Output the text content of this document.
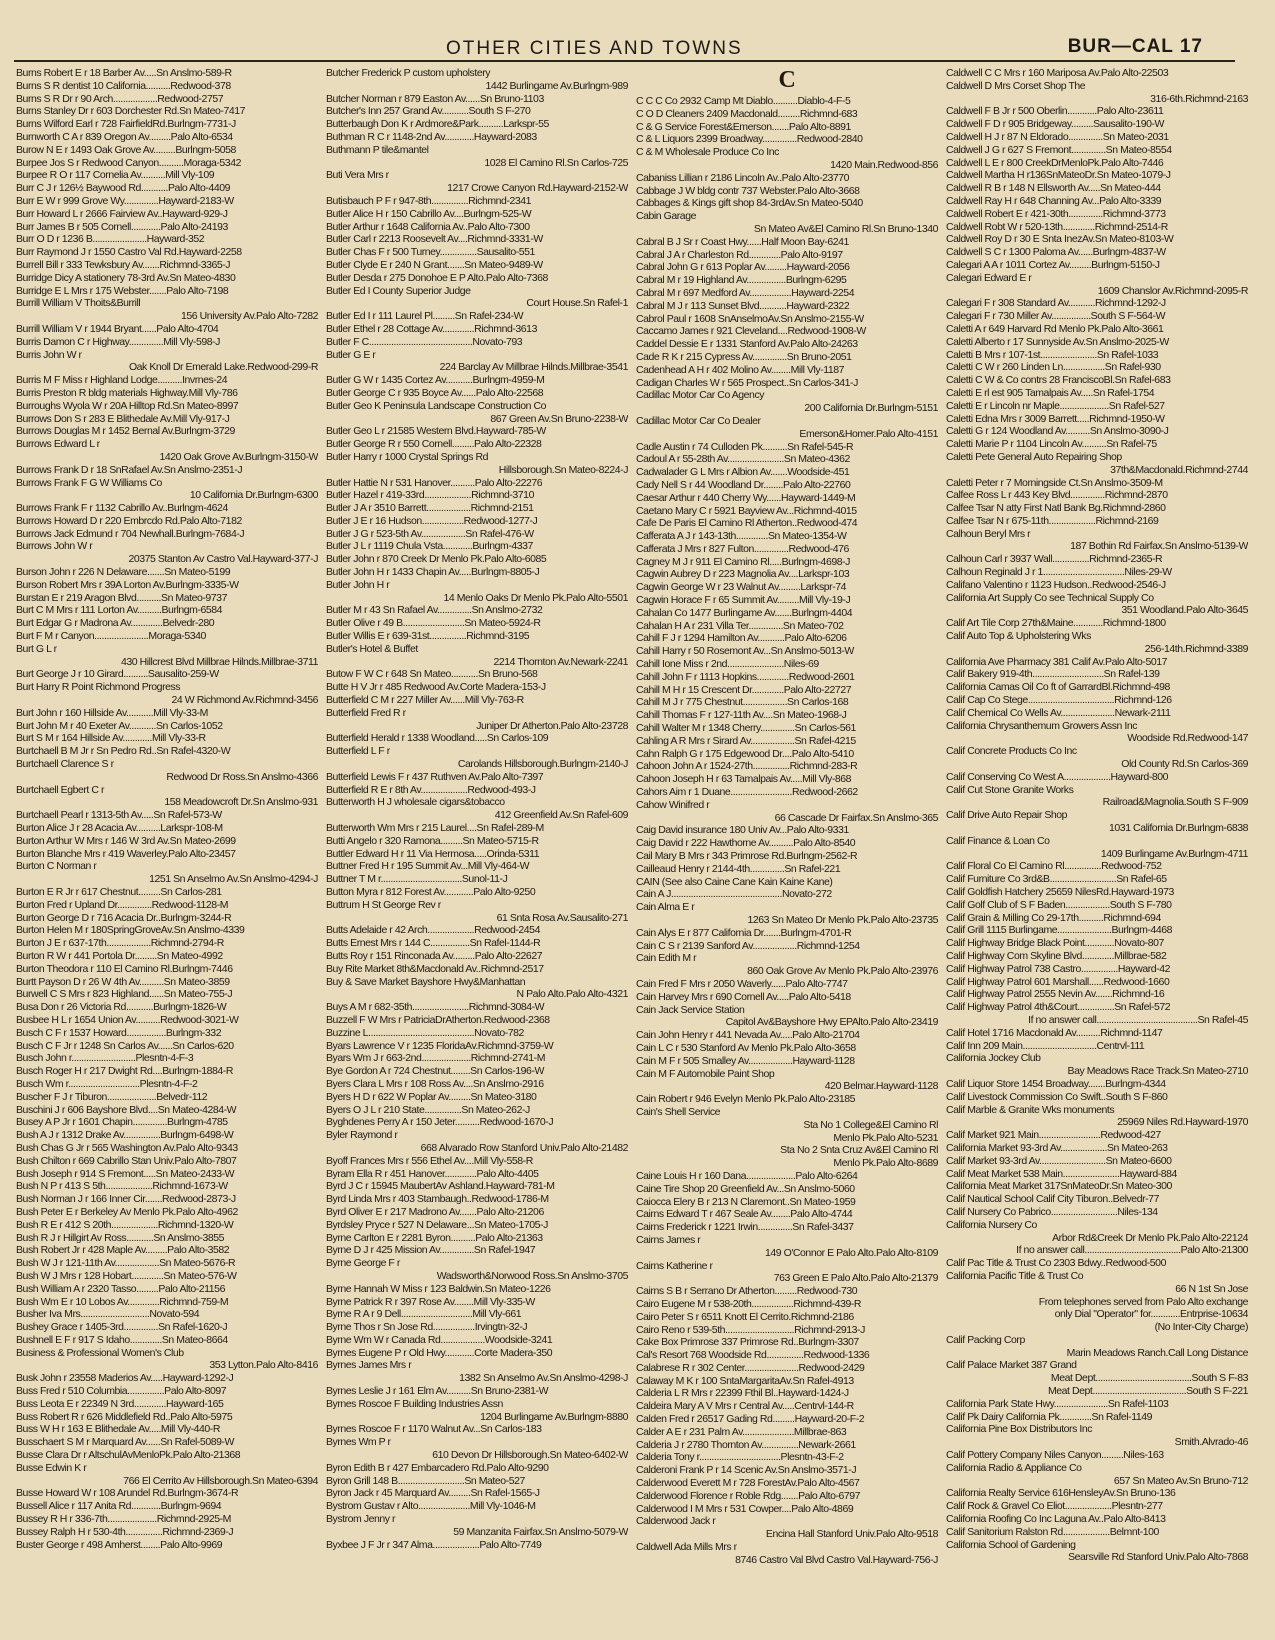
OTHER CITIES AND TOWNS	BUR—CAL 17
Burns Robert E r 18 Barber Av.....Sn Anslmo-589-R
Burns S R dentist 10 California..........Redwood-378
Burns S R Dr r 90 Arch..................Redwood-2757
Burns Stanley Dr r 603 Dorchester Rd.Sn Mateo-7417
Burns Wilford Earl r 728 FairfieldRd.Burlngm-7731-J
Burnworth C A r 839 Oregon Av.........Palo Alto-6534
Burow N E r 1493 Oak Grove Av.........Burlngm-5058
Burpee Jos S r Redwood Canyon..........Moraga-5342
Burpee R O r 117 Cornelia Av..........Mill Vly-109
Burr C J r 126½ Baywood Rd...........Palo Alto-4409
Burr E W r 999 Grove Wy..............Hayward-2183-W
Burr Howard L r 2666 Fairview Av..Hayward-929-J
Burr James B r 505 Cornell............Palo Alto-24193
Burr O D r 1236 B......................Hayward-352
Burr Raymond J r 1550 Castro Val Rd.Hayward-2258
Burrell Bill r 333 Tewksbury Av.......Richmnd-3365-J
Burridge Dicy A stationery 78-3rd Av.Sn Mateo-4830
Burridge E L Mrs r 175 Webster.......Palo Alto-7198
Burrill William V Thoits&Burrill
156 University Av.Palo Alto-7282
Burrill William V r 1944 Bryant......Palo Alto-4704
Burris Damon C r Highway..............Mill Vly-598-J
Burris John W r
Oak Knoll Dr Emerald Lake.Redwood-299-R
Burris M F Miss r Highland Lodge..........Invrnes-24
Burris Preston R bldg materials Highway.Mill Vly-786
Burroughs Wyola W r 20A Hilltop Rd.Sn Mateo-8997
Burrows Don S r 283 E Blithedale Av.Mill Vly-917-J
Burrows Douglas M r 1452 Bernal Av.Burlngm-3729
Burrows Edward L r
1420 Oak Grove Av.Burlngm-3150-W
Burrows Frank D r 18 SnRafael Av.Sn Anslmo-2351-J
Burrows Frank F G W Williams Co
10 California Dr.Burlngm-6300
Burrows Frank F r 1132 Cabrillo Av..Burlngm-4624
Burrows Howard D r 220 Embrcdo Rd.Palo Alto-7182
Burrows Jack Edmund r 704 Newhall.Burlngm-7684-J
Burrows John W r
20375 Stanton Av Castro Val.Hayward-377-J
Burson John r 226 N Delaware.......Sn Mateo-5199
Burson Robert Mrs r 39A Lorton Av.Burlngm-3335-W
Burstan E r 219 Aragon Blvd..........Sn Mateo-9737
Burt C M Mrs r 111 Lorton Av..........Burlngm-6584
Burt Edgar G r Madrona Av.............Belvedr-280
Burt F M r Canyon......................Moraga-5340
Burt G L r
430 Hillcrest Blvd Millbrae Hilnds.Millbrae-3711
Burt George J r 10 Girard..........Sausalito-259-W
Burt Harry R Point Richmond Progress
24 W Richmond Av.Richmnd-3456
Burt John r 160 Hillside Av...........Mill Vly-33-M
Burt John M r 40 Exeter Av...........Sn Carlos-1052
Burt S M r 164 Hillside Av............Mill Vly-33-R
Burtchaell B M Jr r Sn Pedro Rd..Sn Rafel-4320-W
Burtchaell Clarence S r
Redwood Dr Ross.Sn Anslmo-4366
Burtchaell Egbert C r
158 Meadowcroft Dr.Sn Anslmo-931
Burtchaell Pearl r 1313-5th Av.....Sn Rafel-573-W
Burton Alice J r 28 Acacia Av..........Larkspr-108-M
Burton Arthur W Mrs r 146 W 3rd Av.Sn Mateo-2699
Burton Blanche Mrs r 419 Waverley.Palo Alto-23457
Burton C Norman r
1251 Sn Anselmo Av.Sn Anslmo-4294-J
Burton E R Jr r 617 Chestnut.........Sn Carlos-281
Burton Fred r Upland Dr..............Redwood-1128-M
Burton George D r 716 Acacia Dr..Burlngm-3244-R
Burton Helen M r 180SpringGroveAv.Sn Anslmo-4339
Burton J E r 637-17th..................Richmnd-2794-R
Burton R W r 441 Portola Dr.........Sn Mateo-4992
Burton Theodora r 110 El Camino Rl.Burlngm-7446
Burtt Payson D r 26 W 4th Av..........Sn Mateo-3859
Burwell C S Mrs r 823 Highland......Sn Mateo-755-J
Busa Don r 26 Victoria Rd...........Burlngm-1826-W
Busbee H L r 1654 Union Av..........Redwood-3021-W
Busch C F r 1537 Howard................Burlngm-332
Busch C F Jr r 1248 Sn Carlos Av......Sn Carlos-620
Busch John r..........................Plesntn-4-F-3
Busch Roger H r 217 Dwight Rd....Burlngm-1884-R
Busch Wm r.............................Plesntn-4-F-2
Buscher F J r Tiburon....................Belvedr-112
Buschini J r 606 Bayshore Blvd....Sn Mateo-4284-W
Busey A P Jr r 1601 Chapin..............Burlngm-4785
Bush A J r 1312 Drake Av...............Burlngm-6498-W
Bush Chas G Jr r 565 Washington Av.Palo Alto-9343
Bush Chilton r 669 Cabrillo Stan Univ.Palo Alto-7807
Bush Joseph r 914 S Fremont.....Sn Mateo-2433-W
Bush N P r 413 S 5th...................Richmnd-1673-W
Bush Norman J r 166 Inner Cir.......Redwood-2873-J
Bush Peter E r Berkeley Av Menlo Pk.Palo Alto-4962
Bush R E r 412 S 20th...................Richmnd-1320-W
Bush R J r Hillgirt Av Ross...........Sn Anslmo-3855
Bush Robert Jr r 428 Maple Av.........Palo Alto-3582
Bush W J r 121-11th Av..................Sn Mateo-5676-R
Bush W J Mrs r 128 Hobart.............Sn Mateo-576-W
Bush William A r 2320 Tasso.........Palo Alto-21156
Bush Wm E r 10 Lobos Av.............Richmnd-759-M
Busher Iva Mrs............................Novato-594
Bushey Grace r 1405-3rd..............Sn Rafel-1620-J
Bushnell E F r 917 S Idaho.............Sn Mateo-8664
Business & Professional Women's Club
353 Lytton.Palo Alto-8416
Busk John r 23558 Maderios Av.....Hayward-1292-J
Buss Fred r 510 Columbia...............Palo Alto-8097
Buss Leota E r 22349 N 3rd.............Hayward-165
Buss Robert R r 626 Middlefield Rd..Palo Alto-5975
Buss W H r 163 E Blithedale Av.....Mill Vly-440-R
Busschaert S M r Marquard Av......Sn Rafel-5089-W
Busse Clara Dr r AltschulAvMenloPk.Palo Alto-21368
Busse Edwin K r
766 El Cerrito Av Hillsborough.Sn Mateo-6394
Busse Howard W r 108 Arundel Rd.Burlngm-3674-R
Bussell Alice r 117 Anita Rd............Burlngm-9694
Bussey R H r 336-7th....................Richmnd-2925-M
Bussey Ralph H r 530-4th...............Richmnd-2369-J
Buster George r 498 Amherst........Palo Alto-9969
Butcher Frederick P custom upholstery
1442 Burlingame Av.Burlngm-989
Butcher Norman r 879 Easton Av......Sn Bruno-1103
Butcher's Inn 257 Grand Av...........South S F-270
Butterbaugh Don K r Ardmore&Park..........Larkspr-55
Buthman R C r 1148-2nd Av............Hayward-2083
Buthmann P tile&mantel
1028 El Camino Rl.Sn Carlos-725
Buti Vera Mrs r
1217 Crowe Canyon Rd.Hayward-2152-W
Butisbauch P F r 947-8th...............Richmnd-2341
Butler Alice H r 150 Cabrillo Av....Burlngm-525-W
Butler Arthur r 1648 California Av..Palo Alto-7300
Butler Carl r 2213 Roosevelt Av....Richmnd-3331-W
Butler Chas F r 500 Turney...............Sausalito-551
Butler Clyde E r 240 N Grant.......Sn Mateo-9489-W
Butler Desda r 275 Donohoe E P Alto.Palo Alto-7368
Butler Ed I County Superior Judge
Court House.Sn Rafel-1
Butler Ed I r 111 Laurel Pl.........Sn Rafel-234-W
Butler Ethel r 28 Cottage Av.............Richmnd-3613
Butler F C..........................................Novato-793
Butler G E r
224 Barclay Av Millbrae Hilnds.Millbrae-3541
Butler G W r 1435 Cortez Av...........Burlngm-4959-M
Butler George C r 935 Boyce Av......Palo Alto-22568
Butler Geo K Peninsula Landscape Construction Co
867 Green Av.Sn Bruno-2238-W
Butler Geo L r 21585 Western Blvd.Hayward-785-W
Butler George R r 550 Cornell.........Palo Alto-22328
Butler Harry r 1000 Crystal Springs Rd
Hillsborough.Sn Mateo-8224-J
Butler Hattie N r 531 Hanover..........Palo Alto-22276
Butler Hazel r 419-33rd...................Richmnd-3710
Butler J A r 3510 Barrett..................Richmnd-2151
Butler J E r 16 Hudson.................Redwood-1277-J
Butler J G r 523-5th Av..................Sn Rafel-476-W
Butler J L r 1119 Chula Vsta............Burlngm-4337
Butler John r 870 Creek Dr Menlo Pk.Palo Alto-6085
Butler John H r 1433 Chapin Av.....Burlngm-8805-J
Butler John H r
14 Menlo Oaks Dr Menlo Pk.Palo Alto-5501
Butler M r 43 Sn Rafael Av..............Sn Anslmo-2732
Butler Olive r 49 B.........................Sn Mateo-5924-R
Butler Willis E r 639-31st...............Richmnd-3195
Butler's Hotel & Buffet
2214 Thornton Av.Newark-2241
Butow F W C r 648 Sn Mateo...........Sn Bruno-568
Butte H V Jr r 485 Redwood Av.Corte Madera-153-J
Butterfield C M r 227 Miller Av......Mill Vly-763-R
Butterfield Fred R r
Juniper Dr Atherton.Palo Alto-23728
Butterfield Herald r 1338 Woodland.....Sn Carlos-109
Butterfield L F r
Carolands Hillsborough.Burlngm-2140-J
Butterfield Lewis F r 437 Ruthven Av.Palo Alto-7397
Butterfield R E r 8th Av...................Redwood-493-J
Butterworth H J wholesale cigars&tobacco
412 Greenfield Av.Sn Rafel-609
Butterworth Wm Mrs r 215 Laurel....Sn Rafel-289-M
Butti Angelo r 320 Ramona.........Sn Mateo-5715-R
Buttler Edward H r 11 Via Hermosa.....Orinda-5311
Buttner Fred H r 195 Summit Av...Mill Vly-464-W
Buttner T M r.................................Sunol-11-J
Button Myra r 812 Forest Av............Palo Alto-9250
Buttrum H St George Rev r
61 Snta Rosa Av.Sausalito-271
Butts Adelaide r 42 Arch...................Redwood-2454
Butts Ernest Mrs r 144 C................Sn Rafel-1144-R
Butts Roy r 151 Rinconada Av.........Palo Alto-22627
Buy Rite Market 8th&Macdonald Av..Richmnd-2517
Buy & Save Market Bayshore Hwy&Manhattan
N Palo Alto.Palo Alto-4321
Buys A M r 682-35th.......................Richmnd-3084-W
Buzzell F W Mrs r PatriciaDrAtherton.Redwood-2368
Buzzine L...........................................Novato-782
Byars Lawrence V r 1235 FloridaAv.Richmnd-3759-W
Byars Wm J r 663-2nd....................Richmnd-2741-M
Bye Gordon A r 724 Chestnut........Sn Carlos-196-W
Byers Clara L Mrs r 108 Ross Av....Sn Anslmo-2916
Byers H D r 622 W Poplar Av.........Sn Mateo-3180
Byers O J L r 210 State...............Sn Mateo-262-J
Byghdenes Perry A r 150 Jeter..........Redwood-1670-J
Byler Raymond r
668 Alvarado Row Stanford Univ.Palo Alto-21482
Byoff Frances Mrs r 556 Ethel Av....Mill Vly-558-R
Byram Ella R r 451 Hanover.............Palo Alto-4405
Byrd J C r 15945 MaubertAv Ashland.Hayward-781-M
Byrd Linda Mrs r 403 Stambaugh..Redwood-1786-M
Byrd Oliver E r 217 Madrono Av.......Palo Alto-21206
Byrdsley Pryce r 527 N Delaware...Sn Mateo-1705-J
Byrne Carlton E r 2281 Byron..........Palo Alto-21363
Byrne D J r 425 Mission Av..............Sn Rafel-1947
Byrne George F r
Wadsworth&Norwood Ross.Sn Anslmo-3705
Byrne Hannah W Miss r 123 Baldwin.Sn Mateo-1226
Byrne Patrick R r 397 Rose Av........Mill Vly-335-W
Byrne R A r 9 Dell.............................Mill Vly-661
Byrne Thos r Sn Jose Rd.................Irvingtn-32-J
Byrne Wm W r Canada Rd..................Woodside-3241
Byrnes Eugene P r Old Hwy............Corte Madera-350
Byrnes James Mrs r
1382 Sn Anselmo Av.Sn Anslmo-4298-J
Byrnes Leslie J r 161 Elm Av..........Sn Bruno-2381-W
Byrnes Roscoe F Building Industries Assn
1204 Burlingame Av.Burlngm-8880
Byrnes Roscoe F r 1170 Walnut Av...Sn Carlos-183
Byrnes Wm P r
610 Devon Dr Hillsborough.Sn Mateo-6402-W
Byron Edith B r 427 Embarcadero Rd.Palo Alto-9290
Byron Grill 148 B...........................Sn Mateo-527
Byron Jack r 45 Marquard Av.........Sn Rafel-1565-J
Bystrom Gustav r Alto.....................Mill Vly-1046-M
Bystrom Jenny r
59 Manzanita Fairfax.Sn Anslmo-5079-W
Byxbee J F Jr r 347 Alma...................Palo Alto-7749
C
C C C Co 2932 Camp Mt Diablo..........Diablo-4-F-5
C O D Cleaners 2409 Macdonald.........Richmnd-683
C & G Service Forest&Emerson.......Palo Alto-8891
C & L Liquors 2399 Broadway..............Redwood-2840
C & M Wholesale Produce Co Inc
1420 Main.Redwood-856
Cabaniss Lillian r 2186 Lincoln Av..Palo Alto-23770
Cabbage J W bldg contr 737 Webster.Palo Alto-3668
Cabbages & Kings gift shop 84-3rdAv.Sn Mateo-5040
Cabin Garage
Sn Mateo Av&El Camino Rl.Sn Bruno-1340
Cabral B J Sr r Coast Hwy......Half Moon Bay-6241
Cabral J A r Charleston Rd.............Palo Alto-9197
Cabral John G r 613 Poplar Av.........Hayward-2056
Cabral M r 19 Highland Av................Burlngm-6295
Cabral M r 697 Medford Av.................Hayward-2254
Cabral M J r 113 Sunset Blvd...........Hayward-2322
Cabrol Paul r 1608 SnAnselmoAv.Sn Anslmo-2155-W
Caccamo James r 921 Cleveland....Redwood-1908-W
Caddel Dessie E r 1331 Stanford Av.Palo Alto-24263
Cade R K r 215 Cypress Av..............Sn Bruno-2051
Cadenhead A H r 402 Molino Av........Mill Vly-1187
Cadigan Charles W r 565 Prospect..Sn Carlos-341-J
Cadillac Motor Car Co Agency
200 California Dr.Burlngm-5151
Cadillac Motor Car Co Dealer
Emerson&Homer.Palo Alto-4151
Cadle Austin r 74 Culloden Pk..........Sn Rafel-545-R
Cadoul A r 55-28th Av.......................Sn Mateo-4362
Cadwalader G L Mrs r Albion Av.......Woodside-451
Cady Nell S r 44 Woodland Dr........Palo Alto-22760
Caesar Arthur r 440 Cherry Wy......Hayward-1449-M
Caetano Mary C r 5921 Bayview Av...Richmnd-4015
Cafe De Paris El Camino Rl Atherton..Redwood-474
Cafferata A J r 143-13th.............Sn Mateo-1354-W
Cafferata J Mrs r 827 Fulton..............Redwood-476
Cagney M J r 911 El Camino Rl.....Burlngm-4698-J
Cagwin Aubrey D r 223 Magnolia Av....Larkspr-103
Cagwin George W r 23 Walnut Av.........Larkspr-74
Cagwin Horace F r 65 Summit Av.........Mill Vly-19-J
Cahalan Co 1477 Burlingame Av.......Burlngm-4404
Cahalan H A r 231 Villa Ter..............Sn Mateo-702
Cahill F J r 1294 Hamilton Av...........Palo Alto-6206
Cahill Harry r 50 Rosemont Av...Sn Anslmo-5013-W
Cahill Ione Miss r 2nd.......................Niles-69
Cahill John F r 1113 Hopkins.............Redwood-2601
Cahill M H r 15 Crescent Dr.............Palo Alto-22727
Cahill M J r 775 Chestnut..................Sn Carlos-168
Cahill Thomas F r 127-11th Av....Sn Mateo-1968-J
Cahill Walter M r 1348 Cherry..............Sn Carlos-561
Cahling A R Mrs r Sirard Av..................Sn Rafel-4215
Cahn Ralph G r 175 Edgewood Dr....Palo Alto-5410
Cahoon John A r 1524-27th...............Richmnd-283-R
Cahoon Joseph H r 63 Tamalpais Av.....Mill Vly-868
Cahors Aim r 1 Duane.........................Redwood-2662
Cahow Winifred r
66 Cascade Dr Fairfax.Sn Anslmo-365
Caig David insurance 180 Univ Av...Palo Alto-9331
Caig David r 222 Hawthorne Av..........Palo Alto-8540
Cail Mary B Mrs r 343 Primrose Rd.Burlngm-2562-R
Cailleaud Henry r 2144-4th..............Sn Rafel-221
CAIN (See also Caine Cane Kain Kaine Kane)
Cain A J.............................................Novato-272
Cain Alma E r
1263 Sn Mateo Dr Menlo Pk.Palo Alto-23735
Cain Alys E r 877 California Dr.......Burlngm-4701-R
Cain C S r 2139 Sanford Av..................Richmnd-1254
Cain Edith M r
860 Oak Grove Av Menlo Pk.Palo Alto-23976
Cain Fred F Mrs r 2050 Waverly......Palo Alto-7747
Cain Harvey Mrs r 690 Cornell Av.....Palo Alto-5418
Cain Jack Service Station
Capitol Av&Bayshore Hwy EPAlto.Palo Alto-23419
Cain John Henry r 441 Nevada Av.....Palo Alto-21704
Cain L C r 530 Stanford Av Menlo Pk.Palo Alto-3658
Cain M F r 505 Smalley Av..................Hayward-1128
Cain M F Automobile Paint Shop
420 Belmar.Hayward-1128
Cain Robert r 946 Evelyn Menlo Pk.Palo Alto-23185
Cain's Shell Service
Sta No 1 College&El Camino Rl
Menlo Pk.Palo Alto-5231
Sta No 2 Snta Cruz Av&El Camino Rl
Menlo Pk.Palo Alto-8689
Caine Louis H r 160 Dana....................Palo Alto-6264
Caine Tire Shop 20 Greenfield Av...Sn Anslmo-5060
Caiocca Elery B r 213 N Claremont..Sn Mateo-1959
Cairns Edward T r 467 Seale Av........Palo Alto-4744
Cairns Frederick r 1221 Irwin..............Sn Rafel-3437
Cairns James r
149 O'Connor E Palo Alto.Palo Alto-8109
Cairns Katherine r
763 Green E Palo Alto.Palo Alto-21379
Cairns S B r Serrano Dr Atherton.........Redwood-730
Cairo Eugene M r 538-20th.................Richmnd-439-R
Cairo Peter S r 6511 Knott El Cerrito.Richmnd-2186
Cairo Reno r 539-5th............................Richmnd-2913-J
Cake Box Primrose 337 Primrose Rd..Burlngm-3307
Cal's Resort 768 Woodside Rd...............Redwood-1336
Calabrese R r 302 Center......................Redwood-2429
Calaway M K r 100 SntaMargaritaAv.Sn Rafel-4913
Calderia L R Mrs r 22399 Fthil Bl..Hayward-1424-J
Caldeira Mary A V Mrs r Central Av.....Centrvl-144-R
Calden Fred r 26517 Gading Rd.........Hayward-20-F-2
Calder A E r 231 Palm Av.....................Millbrae-863
Calderia J r 2780 Thornton Av...............Newark-2661
Calderia Tony r.................................Plesntn-43-F-2
Calderoni Frank P r 14 Scenic Av.Sn Anslmo-3571-J
Calderwood Everett M r 728 ForestAv.Palo Alto-4567
Calderwood Florence r Roble Rdg.......Palo Alto-6797
Calderwood I M Mrs r 531 Cowper....Palo Alto-4869
Calderwood Jack r
Encina Hall Stanford Univ.Palo Alto-9518
Caldwell Ada Mills Mrs r
8746 Castro Val Blvd Castro Val.Hayward-756-J
Caldwell C C Mrs r 160 Mariposa Av.Palo Alto-22503
Caldwell D Mrs Corset Shop The
316-6th.Richmnd-2163
Caldwell F B Jr r 500 Oberlin............Palo Alto-23611
Caldwell F D r 905 Bridgeway.........Sausalito-190-W
Caldwell H J r 87 N Eldorado..............Sn Mateo-2031
Caldwell J G r 627 S Fremont..............Sn Mateo-8554
Caldwell L E r 800 CreekDrMenloPk.Palo Alto-7446
Caldwell Martha H r136SnMateoDr.Sn Mateo-1079-J
Caldwell R B r 148 N Ellsworth Av.....Sn Mateo-444
Caldwell Ray H r 648 Channing Av...Palo Alto-3339
Caldwell Robert E r 421-30th..............Richmnd-3773
Caldwell Robt W r 520-13th.............Richmnd-2514-R
Caldwell Roy D r 30 E Snta InezAv.Sn Mateo-8103-W
Caldwell S C r 1300 Paloma Av......Burlngm-4837-W
Calegari A A r 1011 Cortez Av.........Burlngm-5150-J
Calegari Edward E r
1609 Chanslor Av.Richmnd-2095-R
Calegari F r 308 Standard Av...........Richmnd-1292-J
Calegari F r 730 Miller Av................South S F-564-W
Caletti A r 649 Harvard Rd Menlo Pk.Palo Alto-3661
Caletti Alberto r 17 Sunnyside Av.Sn Anslmo-2025-W
Caletti B Mrs r 107-1st.......................Sn Rafel-1033
Caletti C W r 260 Linden Ln.................Sn Rafel-930
Caletti C W & Co contrs 28 FranciscoBl.Sn Rafel-683
Caletti E rl est 905 Tamalpais Av.....Sn Rafel-1754
Caletti E r Lincoln nr Maple....................Sn Rafel-527
Caletti Edna Mrs r 3009 Barrett.....Richmnd-1950-W
Caletti G r 124 Woodland Av..........Sn Anslmo-3090-J
Caletti Marie P r 1104 Lincoln Av..........Sn Rafel-75
Caletti Pete General Auto Repairing Shop
37th&Macdonald.Richmnd-2744
Caletti Peter r 7 Morningside Ct.Sn Anslmo-3509-M
Calfee Ross L r 443 Key Blvd..............Richmnd-2870
Calfee Tsar N atty First Natl Bank Bg.Richmnd-2860
Calfee Tsar N r 675-11th...................Richmnd-2169
Calhoun Beryl Mrs r
187 Bothin Rd Fairfax.Sn Anslmo-5139-W
Calhoun Carl r 3937 Wall...............Richmnd-2365-R
Calhoun Reginald J r 1.................................Niles-29-W
Califano Valentino r 1123 Hudson..Redwood-2546-J
California Art Supply Co see Technical Supply Co
351 Woodland.Palo Alto-3645
Calif Art Tile Corp 27th&Maine............Richmnd-1800
Calif Auto Top & Upholstering Wks
256-14th.Richmnd-3389
California Ave Pharmacy 381 Calif Av.Palo Alto-5017
Calif Bakery 919-4th.............................Sn Rafel-139
California Camas Oil Co ft of GarrardBl.Richmnd-498
Calif Cap Co Stege...................................Richmnd-126
Calif Chemical Co Wells Av......................Newark-2111
California Chrysanthemum Growers Assn Inc
Woodside Rd.Redwood-147
Calif Concrete Products Co Inc
Old County Rd.Sn Carlos-369
Calif Conserving Co West A...................Hayward-800
Calif Cut Stone Granite Works
Railroad&Magnolia.South S F-909
Calif Drive Auto Repair Shop
1031 California Dr.Burlngm-6838
Calif Finance & Loan Co
1409 Burlingame Av.Burlngm-4711
Calif Floral Co El Camino Rl...............Redwood-752
Calif Furniture Co 3rd&B...........................Sn Rafel-65
Calif Goldfish Hatchery 25659 NilesRd.Hayward-1973
Calif Golf Club of S F Baden..................South S F-780
Calif Grain & Milling Co 29-17th..........Richmnd-694
Calif Grill 1115 Burlingame......................Burlngm-4468
Calif Highway Bridge Black Point............Novato-807
Calif Highway Com Skyline Blvd.............Millbrae-582
Calif Highway Patrol 738 Castro...............Hayward-42
Calif Highway Patrol 601 Marshall......Redwood-1660
Calif Highway Patrol 2555 Nevin Av.......Richmnd-16
Calif Highway Patrol 4th&Court...............Sn Rafel-572
If no answer call.........................................Sn Rafel-45
Calif Hotel 1716 Macdonald Av..........Richmnd-1147
Calif Inn 209 Main..............................Centrvl-111
California Jockey Club
Bay Meadows Race Track.Sn Mateo-2710
Calif Liquor Store 1454 Broadway.......Burlngm-4344
Calif Livestock Commission Co Swift..South S F-860
Calif Marble & Granite Wks monuments
25969 Niles Rd.Hayward-1970
Calif Market 921 Main.........................Redwood-427
California Market 93-3rd Av...................Sn Mateo-263
Calif Market 93-3rd Av...........................Sn Mateo-6600
Calif Meat Market 538 Main.......................Hayward-884
California Meat Market 317SnMateoDr.Sn Mateo-300
Calif Nautical School Calif City Tiburon..Belvedr-77
Calif Nursery Co Pabrico...........................Niles-134
California Nursery Co
Arbor Rd&Creek Dr Menlo Pk.Palo Alto-22124
If no answer call.......................................Palo Alto-21300
Calif Pac Title & Trust Co 2303 Bdwy..Redwood-500
California Pacific Title & Trust Co
66 N 1st Sn Jose
From telephones served from Palo Alto exchange
only Dial "Operator" for............Entrprise-10634
(No Inter-City Charge)
Calif Packing Corp
Marin Meadows Ranch.Call Long Distance
Calif Palace Market 387 Grand
Meat Dept.......................................South S F-83
Meat Dept......................................South S F-221
California Park State Hwy......................Sn Rafel-1103
Calif Pk Dairy California Pk.............Sn Rafel-1149
California Pine Box Distributors Inc
Smith.Alvrado-46
Calif Pottery Company Niles Canyon.........Niles-163
California Radio & Appliance Co
657 Sn Mateo Av.Sn Bruno-712
California Realty Service 616HensleyAv.Sn Bruno-136
Calif Rock & Gravel Co Eliot...................Plesntn-277
California Roofing Co Inc Laguna Av..Palo Alto-8413
Calif Sanitorium Ralston Rd...................Belmnt-100
California School of Gardening
Searsville Rd Stanford Univ.Palo Alto-7868
